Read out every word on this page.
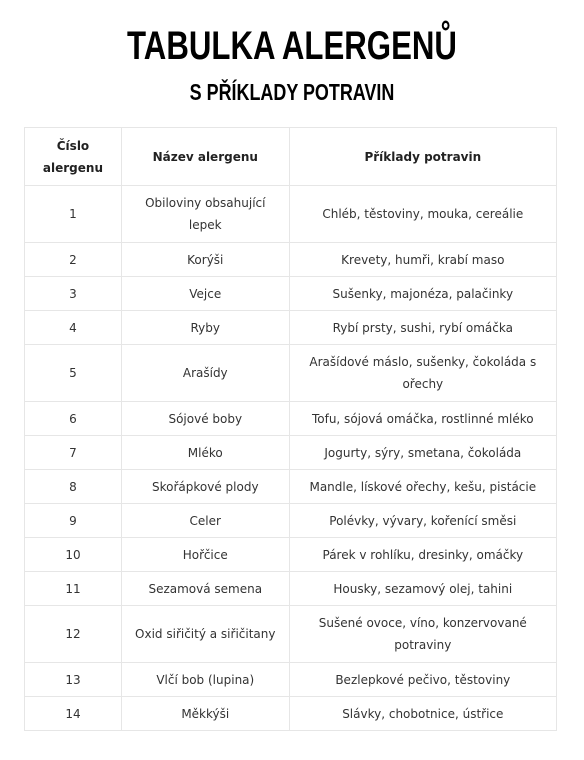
TABULKA ALERGENŮ
S PŘÍKLADY POTRAVIN
Číslo alergenu	Název alergenu	Příklady potravin
1	Obiloviny obsahující lepek	Chléb, těstoviny, mouka, cereálie
2	Korýši	Krevety, humři, krabí maso
3	Vejce	Sušenky, majonéza, palačinky
4	Ryby	Rybí prsty, sushi, rybí omáčka
5	Arašídy	Arašídové máslo, sušenky, čokoláda s ořechy
6	Sójové boby	Tofu, sójová omáčka, rostlinné mléko
7	Mléko	Jogurty, sýry, smetana, čokoláda
8	Skořápkové plody	Mandle, lískové ořechy, kešu, pistácie
9	Celer	Polévky, vývary, kořenící směsi
10	Hořčice	Párek v rohlíku, dresinky, omáčky
11	Sezamová semena	Housky, sezamový olej, tahini
12	Oxid siřičitý a siřičitany	Sušené ovoce, víno, konzervované potraviny
13	Vlčí bob (lupina)	Bezlepkové pečivo, těstoviny
14	Měkkýši	Slávky, chobotnice, ústřice
